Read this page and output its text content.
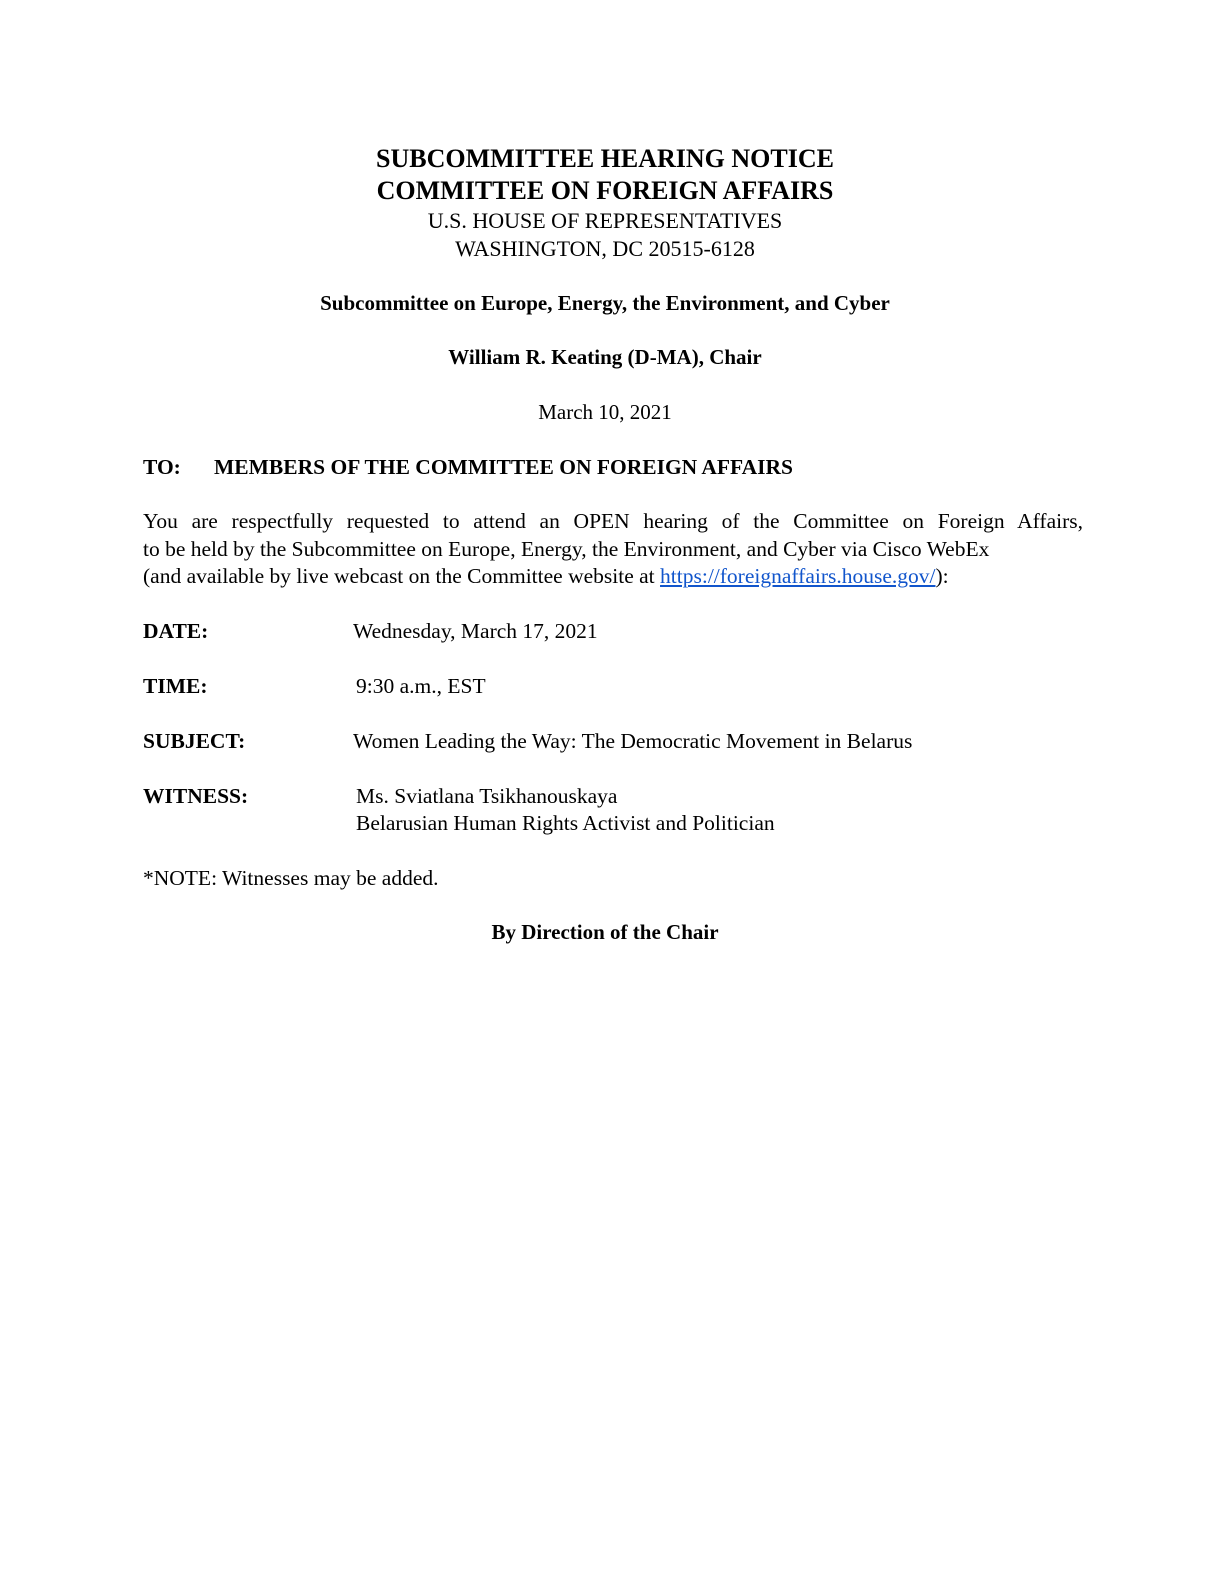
SUBCOMMITTEE HEARING NOTICE
COMMITTEE ON FOREIGN AFFAIRS
U.S. HOUSE OF REPRESENTATIVES
WASHINGTON, DC 20515-6128
Subcommittee on Europe, Energy, the Environment, and Cyber
William R. Keating (D-MA), Chair
March 10, 2021
TO: MEMBERS OF THE COMMITTEE ON FOREIGN AFFAIRS
You are respectfully requested to attend an OPEN hearing of the Committee on Foreign Affairs,
to be held by the Subcommittee on Europe, Energy, the Environment, and Cyber via Cisco WebEx
(and available by live webcast on the Committee website at https://foreignaffairs.house.gov/):
DATE:	Wednesday, March 17, 2021
TIME:	9:30 a.m., EST
SUBJECT:	Women Leading the Way: The Democratic Movement in Belarus
WITNESS:	Ms. Sviatlana Tsikhanouskaya
Belarusian Human Rights Activist and Politician
*NOTE: Witnesses may be added.
By Direction of the Chair
